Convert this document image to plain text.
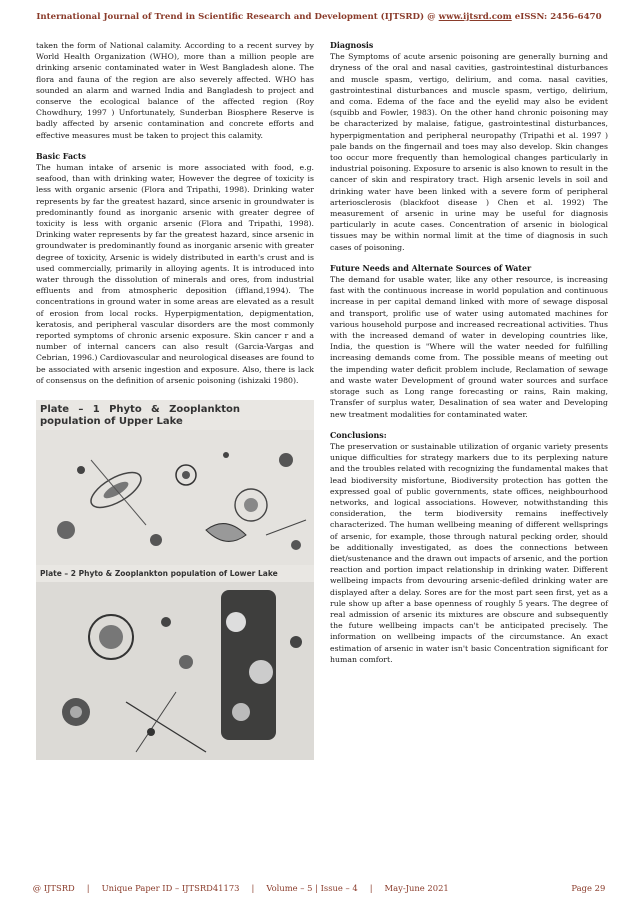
International Journal of Trend in Scientific Research and Development (IJTSRD) @ www.ijtsrd.com eISSN: 2456-6470

taken the form of National calamity. According to a recent survey by World Health Organization (WHO), more than a million people are drinking arsenic contaminated water in West Bangladesh alone. The flora and fauna of the region are also severely affected. WHO has sounded an alarm and warned India and Bangladesh to project and conserve the ecological balance of the affected region (Roy Chowdhury, 1997 ) Unfortunately, Sunderban Biosphere Reserve is badly affected by arsenic contamination and concrete efforts and effective measures must be taken to project this calamity.

Basic Facts

The human intake of arsenic is more associated with food, e.g. seafood, than with drinking water, However the degree of toxicity is less with organic arsenic (Flora and Tripathi, 1998). Drinking water represents by far the greatest hazard, since arsenic in groundwater is predominantly found as inorganic arsenic with greater degree of toxicity is less with organic arsenic (Flora and Tripathi, 1998). Drinking water represents by far the greatest hazard, since arsenic in groundwater is predominantly found as inorganic arsenic with greater degree of toxicity, Arsenic is widely distributed in earth's crust and is used commercially, primarily in alloying agents. It is introduced into water through the dissolution of minerals and ores, from industrial effluents and from atmospheric deposition (iffland,1994). The concentrations in ground water in some areas are elevated as a result of erosion from local rocks. Hyperpigmentation, depigmentation, keratosis, and peripheral vascular disorders are the most commonly reported symptoms of chronic arsenic exposure. Skin cancer r and a number of internal cancers can also result (Garcia-Vargas and Cebrian, 1996.) Cardiovascular and neurological diseases are found to be associated with arsenic ingestion and exposure. Also, there is lack of consensus on the definition of arsenic poisoning (ishizaki 1980).

Plate – 1 Phyto & Zooplankton population of Upper Lake
Plate – 2 Phyto & Zooplankton population of Lower Lake
Diagnosis

The Symptoms of acute arsenic poisoning are generally burning and dryness of the oral and nasal cavities, gastrointestinal disturbances and muscle spasm, vertigo, delirium, and coma. nasal cavities, gastrointestinal disturbances and muscle spasm, vertigo, delirium, and coma. Edema of the face and the eyelid may also be evident (squibb and Fowler, 1983). On the other hand chronic poisoning may be characterized by malaise, fatigue, gastrointestinal disturbances, hyperpigmentation and peripheral neuropathy (Tripathi et al. 1997 ) pale bands on the fingernail and toes may also develop. Skin changes too occur more frequently than hemological changes particularly in industrial poisoning. Exposure to arsenic is also known to result in the cancer of skin and respiratory tract. High arsenic levels in soil and drinking water have been linked with a severe form of peripheral arteriosclerosis (blackfoot disease ) Chen et al. 1992) The measurement of arsenic in urine may be useful for diagnosis particularly in acute cases. Concentration of arsenic in biological tissues may be within normal limit at the time of diagnosis in such cases of poisoning.

Future Needs and Alternate Sources of Water

The demand for usable water, like any other resource, is increasing fast with the continuous increase in world population and continuous increase in per capital demand linked with more of sewage disposal and transport, prolific use of water using automated machines for various household purpose and increased recreational activities. Thus with the increased demand of water in developing countries like, India, the question is "Where will the water needed for fulfilling increasing demands come from. The possible means of meeting out the impending water deficit problem include, Reclamation of sewage and waste water Development of ground water sources and surface storage such as Long range forecasting or rains, Rain making, Transfer of surplus water, Desalination of sea water and Developing new treatment modalities for contaminated water.

Conclusions:

The preservation or sustainable utilization of organic variety presents unique difficulties for strategy markers due to its perplexing nature and the troubles related with recognizing the fundamental makes that lead biodiversity misfortune, Biodiversity protection has gotten the expressed goal of public governments, state offices, neighbourhood networks, and logical associations. However, notwithstanding this consideration, the term biodiversity remains ineffectively characterized. The human wellbeing meaning of different wellsprings of arsenic, for example, those through natural pecking order, should be additionally investigated, as does the connections between diet/sustenance and the drawn out impacts of arsenic, and the portion reaction and portion impact relationship in drinking water. Different wellbeing impacts from devouring arsenic-defiled drinking water are displayed after a delay. Sores are for the most part seen first, yet as a rule show up after a base openness of roughly 5 years. The degree of real admission of arsenic its mixtures are obscure and subsequently the future wellbeing impacts can't be anticipated precisely. The information on wellbeing impacts of the circumstance. An exact estimation of arsenic in water isn't basic Concentration significant for human comfort.

@ IJTSRD | Unique Paper ID – IJTSRD41173 | Volume – 5 | Issue – 4 | May-June 2021	Page 29
